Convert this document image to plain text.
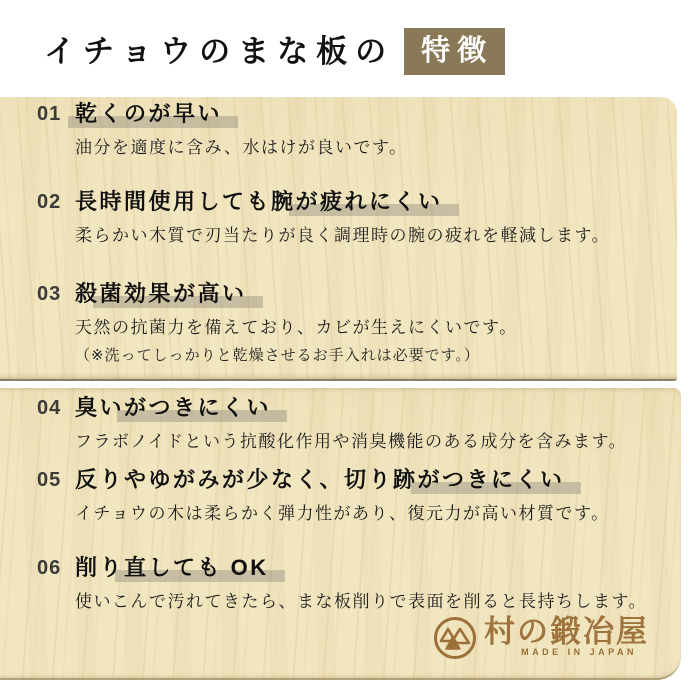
イチョウのまな板の 特徴
01 乾くのが早い
油分を適度に含み、水はけが良いです。
02 長時間使用しても腕が疲れにくい
柔らかい木質で刃当たりが良く調理時の腕の疲れを軽減します。
03 殺菌効果が高い
天然の抗菌力を備えており、カビが生えにくいです。
（※洗ってしっかりと乾燥させるお手入れは必要です。）
04 臭いがつきにくい
フラボノイドという抗酸化作用や消臭機能のある成分を含みます。
05 反りやゆがみが少なく、切り跡がつきにくい
イチョウの木は柔らかく弾力性があり、復元力が高い材質です。
06 削り直しても OK
使いこんで汚れてきたら、まな板削りで表面を削ると長持ちします。
村の鍛冶屋
MADE IN JAPAN
